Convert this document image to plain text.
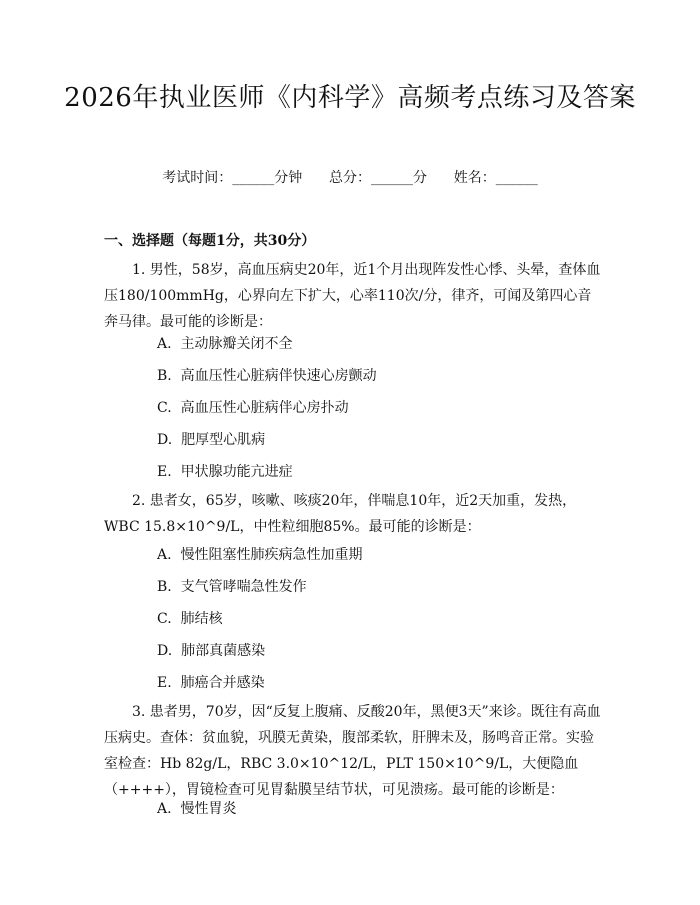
2026年执业医师《内科学》高频考点练习及答案
考试时间：______分钟      总分：______分      姓名：______
一、选择题（每题1分，共30分）
1. 男性，58岁，高血压病史20年，近1个月出现阵发性心悸、头晕，查体血压180/100mmHg，心界向左下扩大，心率110次/分，律齐，可闻及第四心音奔马律。最可能的诊断是：
A.  主动脉瓣关闭不全
B.  高血压性心脏病伴快速心房颤动
C.  高血压性心脏病伴心房扑动
D.  肥厚型心肌病
E.  甲状腺功能亢进症
2. 患者女，65岁，咳嗽、咳痰20年，伴喘息10年，近2天加重，发热，WBC 15.8×10^9/L，中性粒细胞85%。最可能的诊断是：
A.  慢性阻塞性肺疾病急性加重期
B.  支气管哮喘急性发作
C.  肺结核
D.  肺部真菌感染
E.  肺癌合并感染
3. 患者男，70岁，因“反复上腹痛、反酸20年，黑便3天”来诊。既往有高血压病史。查体：贫血貌，巩膜无黄染，腹部柔软，肝脾未及，肠鸣音正常。实验室检查：Hb 82g/L，RBC 3.0×10^12/L，PLT 150×10^9/L，大便隐血（++++），胃镜检查可见胃黏膜呈结节状，可见溃疡。最可能的诊断是：
A.  慢性胃炎
